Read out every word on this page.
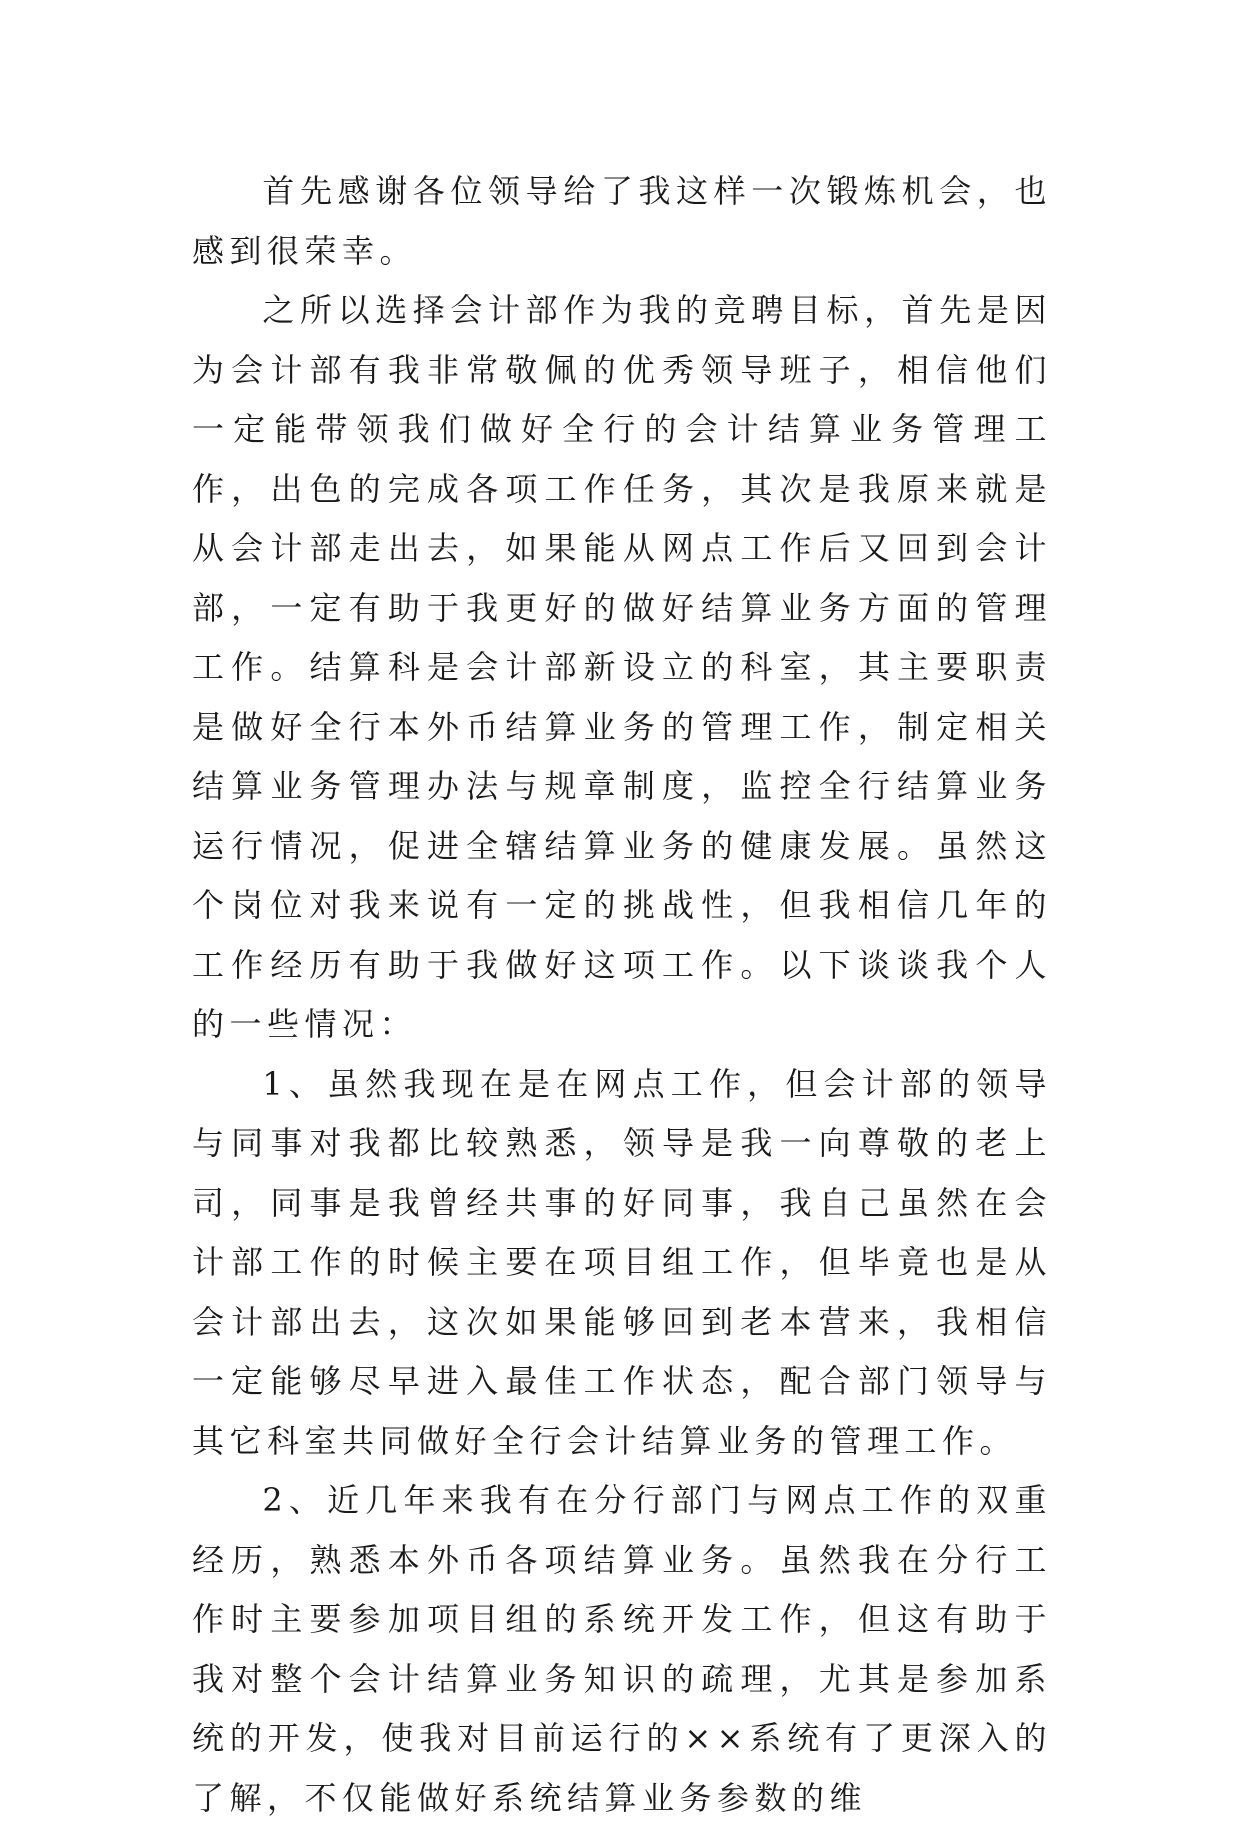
首先感谢各位领导给了我这样一次锻炼机会，也感到很荣幸。

之所以选择会计部作为我的竞聘目标，首先是因为会计部有我非常敬佩的优秀领导班子，相信他们一定能带领我们做好全行的会计结算业务管理工作，出色的完成各项工作任务，其次是我原来就是从会计部走出去，如果能从网点工作后又回到会计部，一定有助于我更好的做好结算业务方面的管理工作。结算科是会计部新设立的科室，其主要职责是做好全行本外币结算业务的管理工作，制定相关结算业务管理办法与规章制度，监控全行结算业务运行情况，促进全辖结算业务的健康发展。虽然这个岗位对我来说有一定的挑战性，但我相信几年的工作经历有助于我做好这项工作。以下谈谈我个人的一些情况：

1、虽然我现在是在网点工作，但会计部的领导与同事对我都比较熟悉，领导是我一向尊敬的老上司，同事是我曾经共事的好同事，我自己虽然在会计部工作的时候主要在项目组工作，但毕竟也是从会计部出去，这次如果能够回到老本营来，我相信一定能够尽早进入最佳工作状态，配合部门领导与其它科室共同做好全行会计结算业务的管理工作。

2、近几年来我有在分行部门与网点工作的双重经历，熟悉本外币各项结算业务。虽然我在分行工作时主要参加项目组的系统开发工作，但这有助于我对整个会计结算业务知识的疏理，尤其是参加系统的开发，使我对目前运行的××系统有了更深入的了解，不仅能做好系统结算业务参数的维
